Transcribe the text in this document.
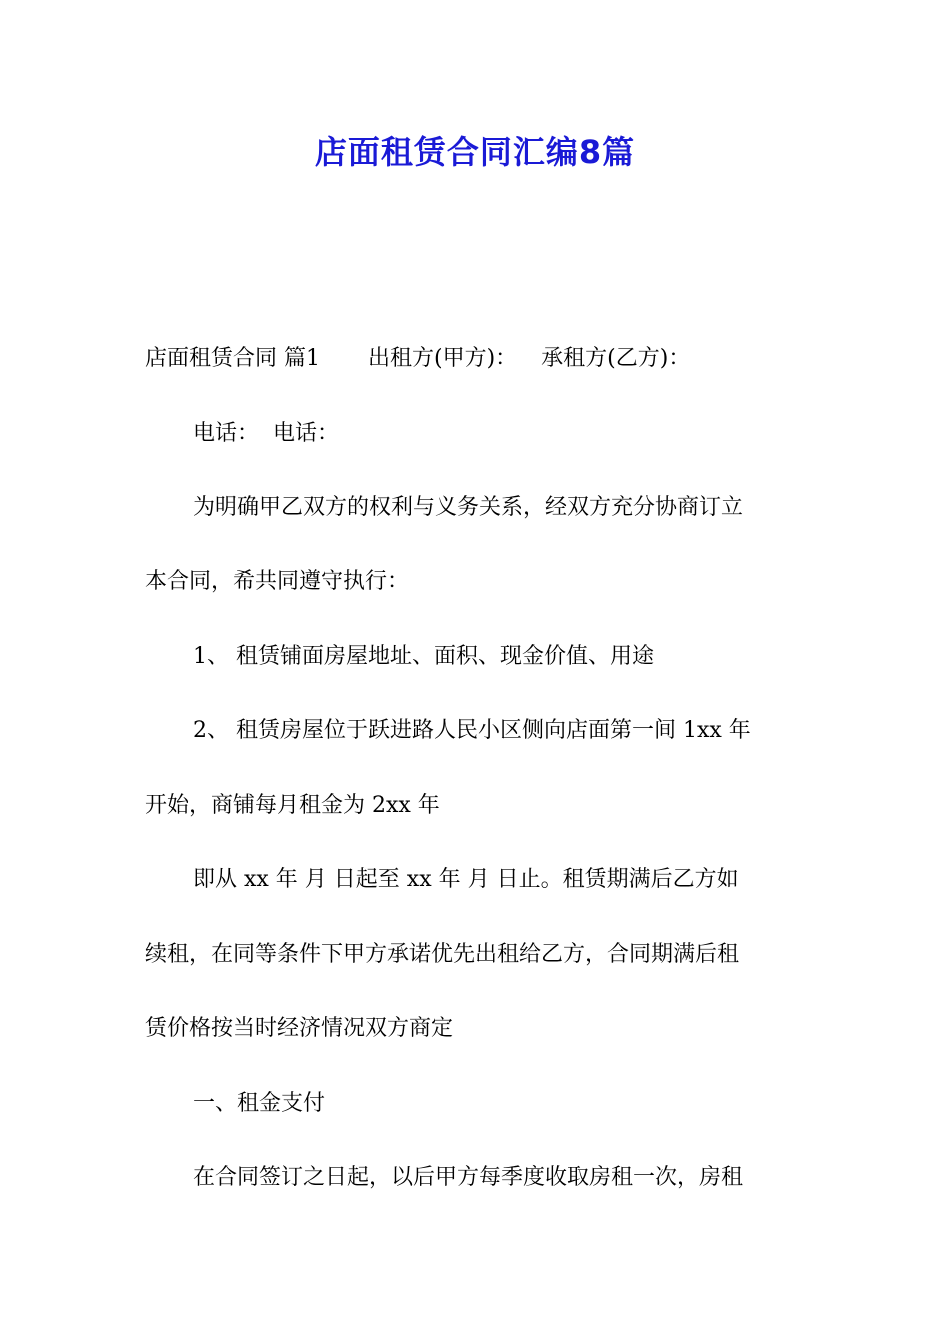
店面租赁合同汇编8篇
店面租赁合同 篇1 出租方(甲方)： 承租方(乙方)：
电话： 电话：
为明确甲乙双方的权利与义务关系，经双方充分协商订立
本合同，希共同遵守执行：
1、 租赁铺面房屋地址、面积、现金价值、用途
2、 租赁房屋位于跃进路人民小区侧向店面第一间 1xx 年
开始，商铺每月租金为 2xx 年
即从 xx 年 月 日起至 xx 年 月 日止。租赁期满后乙方如
续租，在同等条件下甲方承诺优先出租给乙方，合同期满后租
赁价格按当时经济情况双方商定
一、租金支付
在合同签订之日起，以后甲方每季度收取房租一次，房租
